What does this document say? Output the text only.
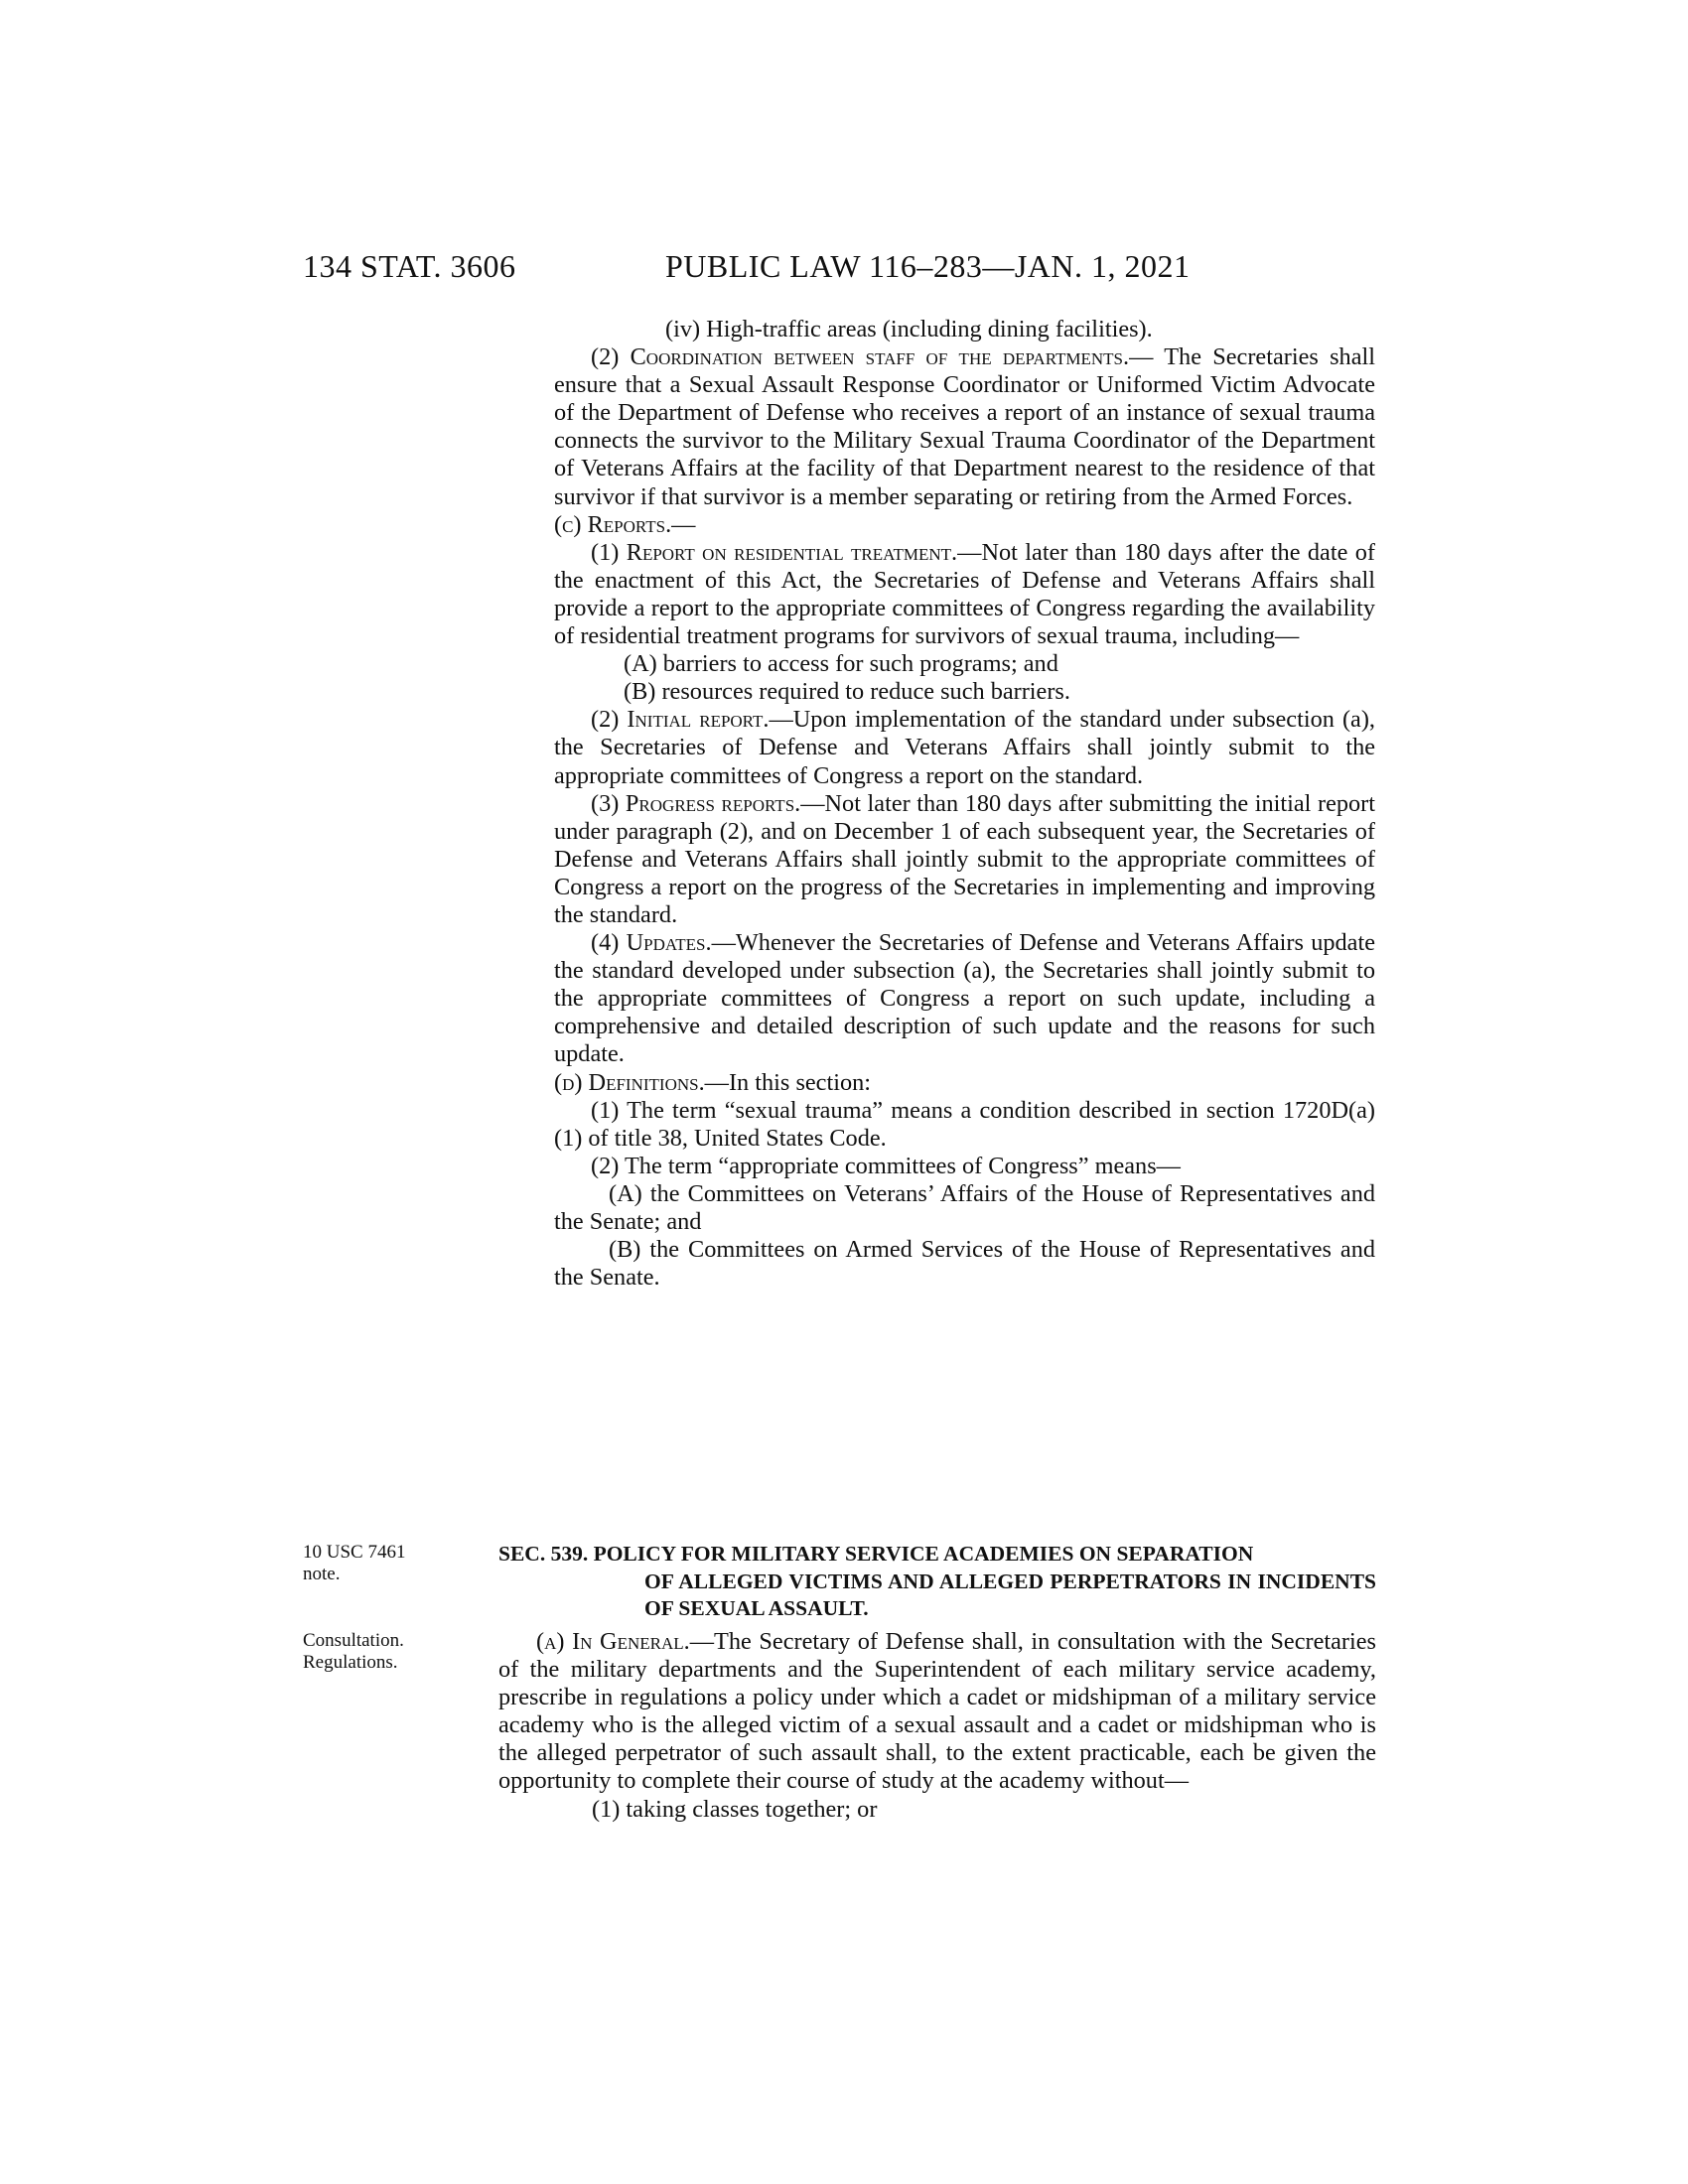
134 STAT. 3606	PUBLIC LAW 116–283—JAN. 1, 2021

(iv) High-traffic areas (including dining facilities).

(2) Coordination between staff of the departments.— The Secretaries shall ensure that a Sexual Assault Response Coordinator or Uniformed Victim Advocate of the Department of Defense who receives a report of an instance of sexual trauma connects the survivor to the Military Sexual Trauma Coordinator of the Department of Veterans Affairs at the facility of that Department nearest to the residence of that survivor if that survivor is a member separating or retiring from the Armed Forces.

(c) Reports.—

(1) Report on residential treatment.—Not later than 180 days after the date of the enactment of this Act, the Secretaries of Defense and Veterans Affairs shall provide a report to the appropriate committees of Congress regarding the availability of residential treatment programs for survivors of sexual trauma, including—

(A) barriers to access for such programs; and

(B) resources required to reduce such barriers.

(2) Initial report.—Upon implementation of the standard under subsection (a), the Secretaries of Defense and Veterans Affairs shall jointly submit to the appropriate committees of Congress a report on the standard.

(3) Progress reports.—Not later than 180 days after submitting the initial report under paragraph (2), and on December 1 of each subsequent year, the Secretaries of Defense and Veterans Affairs shall jointly submit to the appropriate committees of Congress a report on the progress of the Secretaries in implementing and improving the standard.

(4) Updates.—Whenever the Secretaries of Defense and Veterans Affairs update the standard developed under subsection (a), the Secretaries shall jointly submit to the appropriate committees of Congress a report on such update, including a comprehensive and detailed description of such update and the reasons for such update.

(d) Definitions.—In this section:

(1) The term “sexual trauma” means a condition described in section 1720D(a)(1) of title 38, United States Code.

(2) The term “appropriate committees of Congress” means—

(A) the Committees on Veterans’ Affairs of the House of Representatives and the Senate; and

(B) the Committees on Armed Services of the House of Representatives and the Senate.

10 USC 7461 note.
Consultation.
Regulations.
SEC. 539. POLICY FOR MILITARY SERVICE ACADEMIES ON SEPARATION
OF ALLEGED VICTIMS AND ALLEGED PERPETRATORS IN INCIDENTS OF SEXUAL ASSAULT.

(a) In General.—The Secretary of Defense shall, in consultation with the Secretaries of the military departments and the Superintendent of each military service academy, prescribe in regulations a policy under which a cadet or midshipman of a military service academy who is the alleged victim of a sexual assault and a cadet or midshipman who is the alleged perpetrator of such assault shall, to the extent practicable, each be given the opportunity to complete their course of study at the academy without—

(1) taking classes together; or
